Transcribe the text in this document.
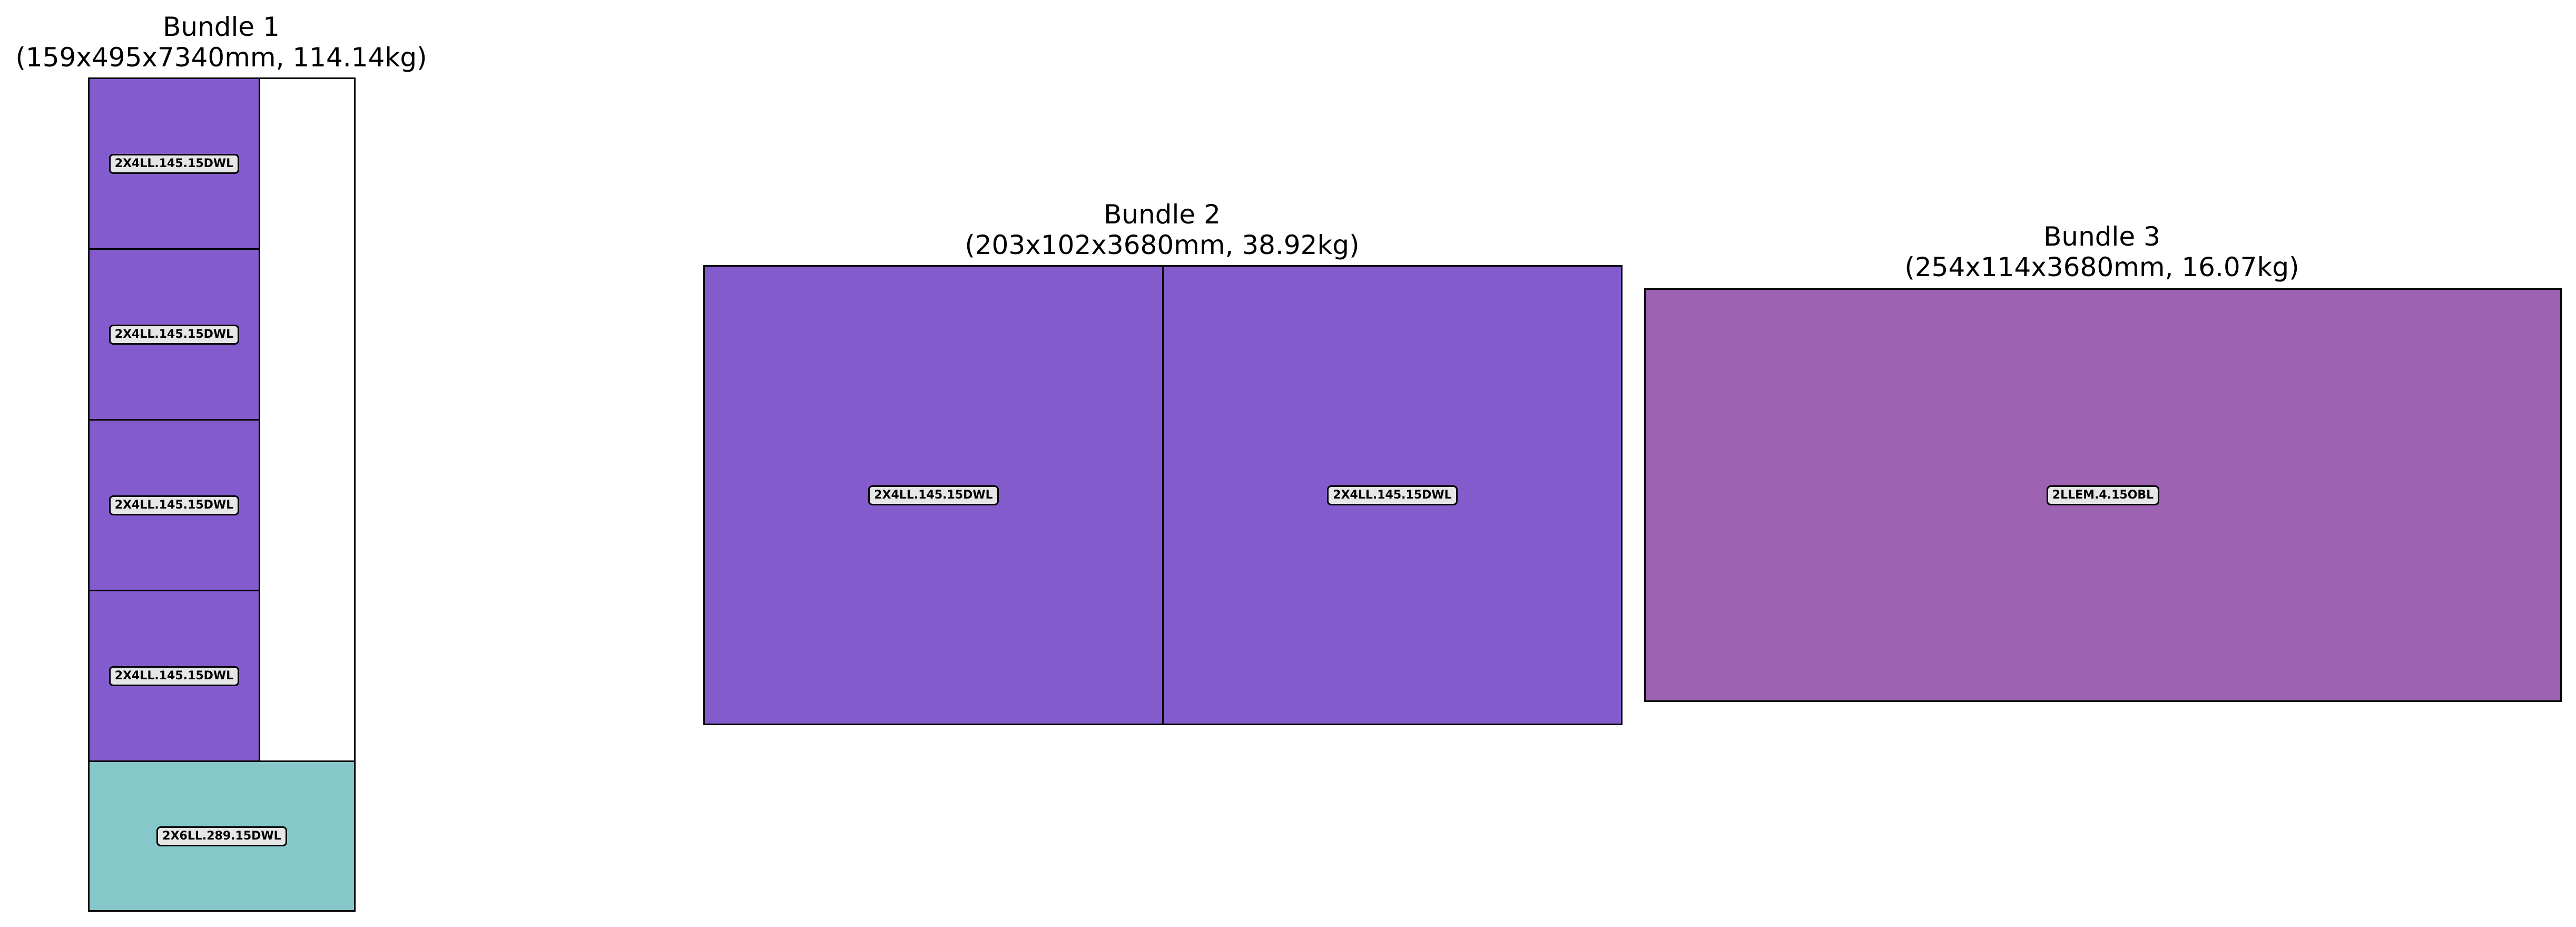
Bundle 1
(159x495x7340mm, 114.14kg)
2X4LL.145.15DWL
2X4LL.145.15DWL
2X4LL.145.15DWL
2X4LL.145.15DWL
2X6LL.289.15DWL
Bundle 2
(203x102x3680mm, 38.92kg)
2X4LL.145.15DWL	2X4LL.145.15DWL
Bundle 3
(254x114x3680mm, 16.07kg)
2LLEM.4.15OBL
